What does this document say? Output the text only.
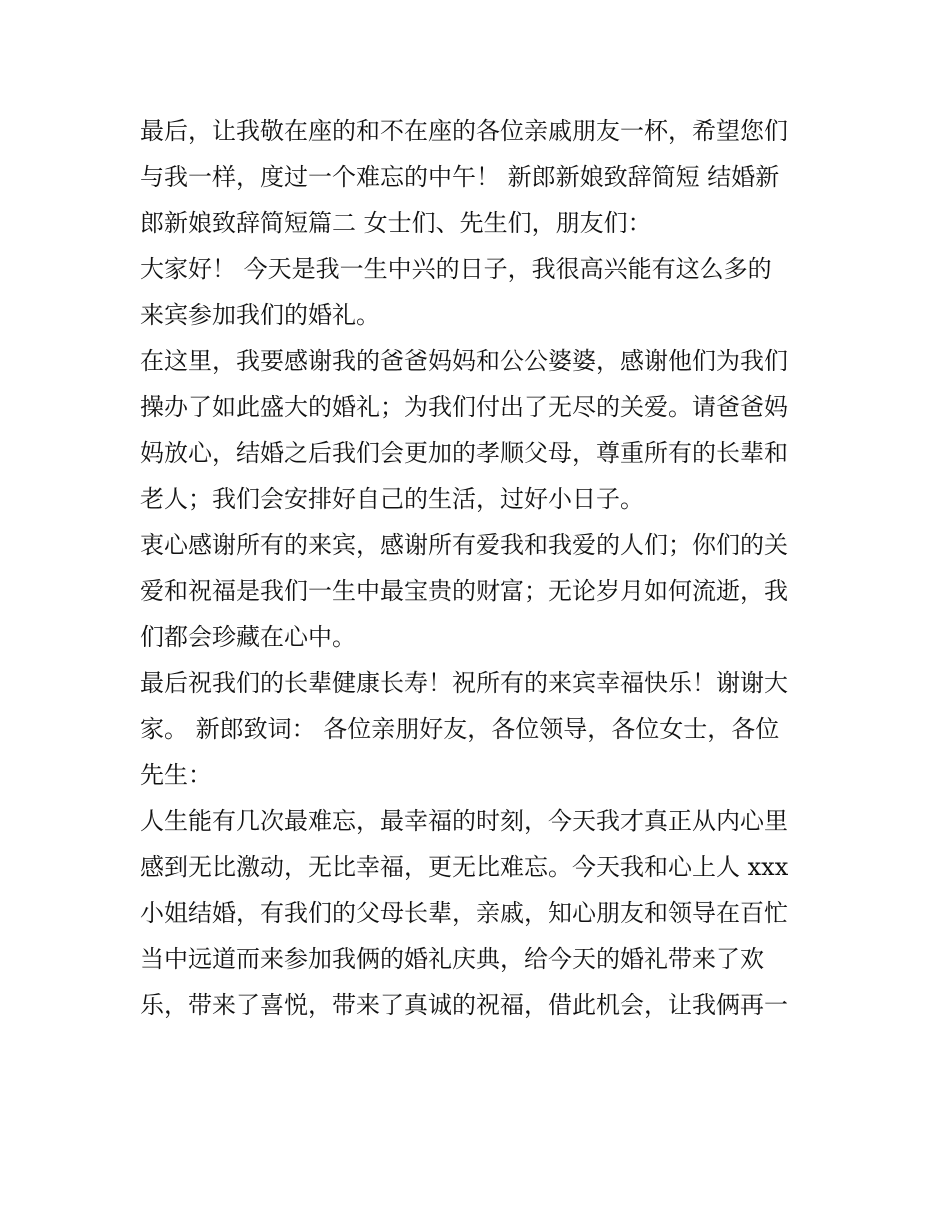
最后，让我敬在座的和不在座的各位亲戚朋友一杯，希望您们
与我一样，度过一个难忘的中午！ 新郎新娘致辞简短 结婚新
郎新娘致辞简短篇二 女士们、先生们，朋友们：
大家好！ 今天是我一生中兴的日子，我很高兴能有这么多的
来宾参加我们的婚礼。
在这里，我要感谢我的爸爸妈妈和公公婆婆，感谢他们为我们
操办了如此盛大的婚礼；为我们付出了无尽的关爱。请爸爸妈
妈放心，结婚之后我们会更加的孝顺父母，尊重所有的长辈和
老人；我们会安排好自己的生活，过好小日子。
衷心感谢所有的来宾，感谢所有爱我和我爱的人们；你们的关
爱和祝福是我们一生中最宝贵的财富；无论岁月如何流逝，我
们都会珍藏在心中。
最后祝我们的长辈健康长寿！祝所有的来宾幸福快乐！谢谢大
家。 新郎致词： 各位亲朋好友，各位领导，各位女士，各位
先生：
人生能有几次最难忘，最幸福的时刻，今天我才真正从内心里
感到无比激动，无比幸福，更无比难忘。今天我和心上人 xxx
小姐结婚，有我们的父母长辈，亲戚，知心朋友和领导在百忙
当中远道而来参加我俩的婚礼庆典，给今天的婚礼带来了欢
乐，带来了喜悦，带来了真诚的祝福，借此机会，让我俩再一
